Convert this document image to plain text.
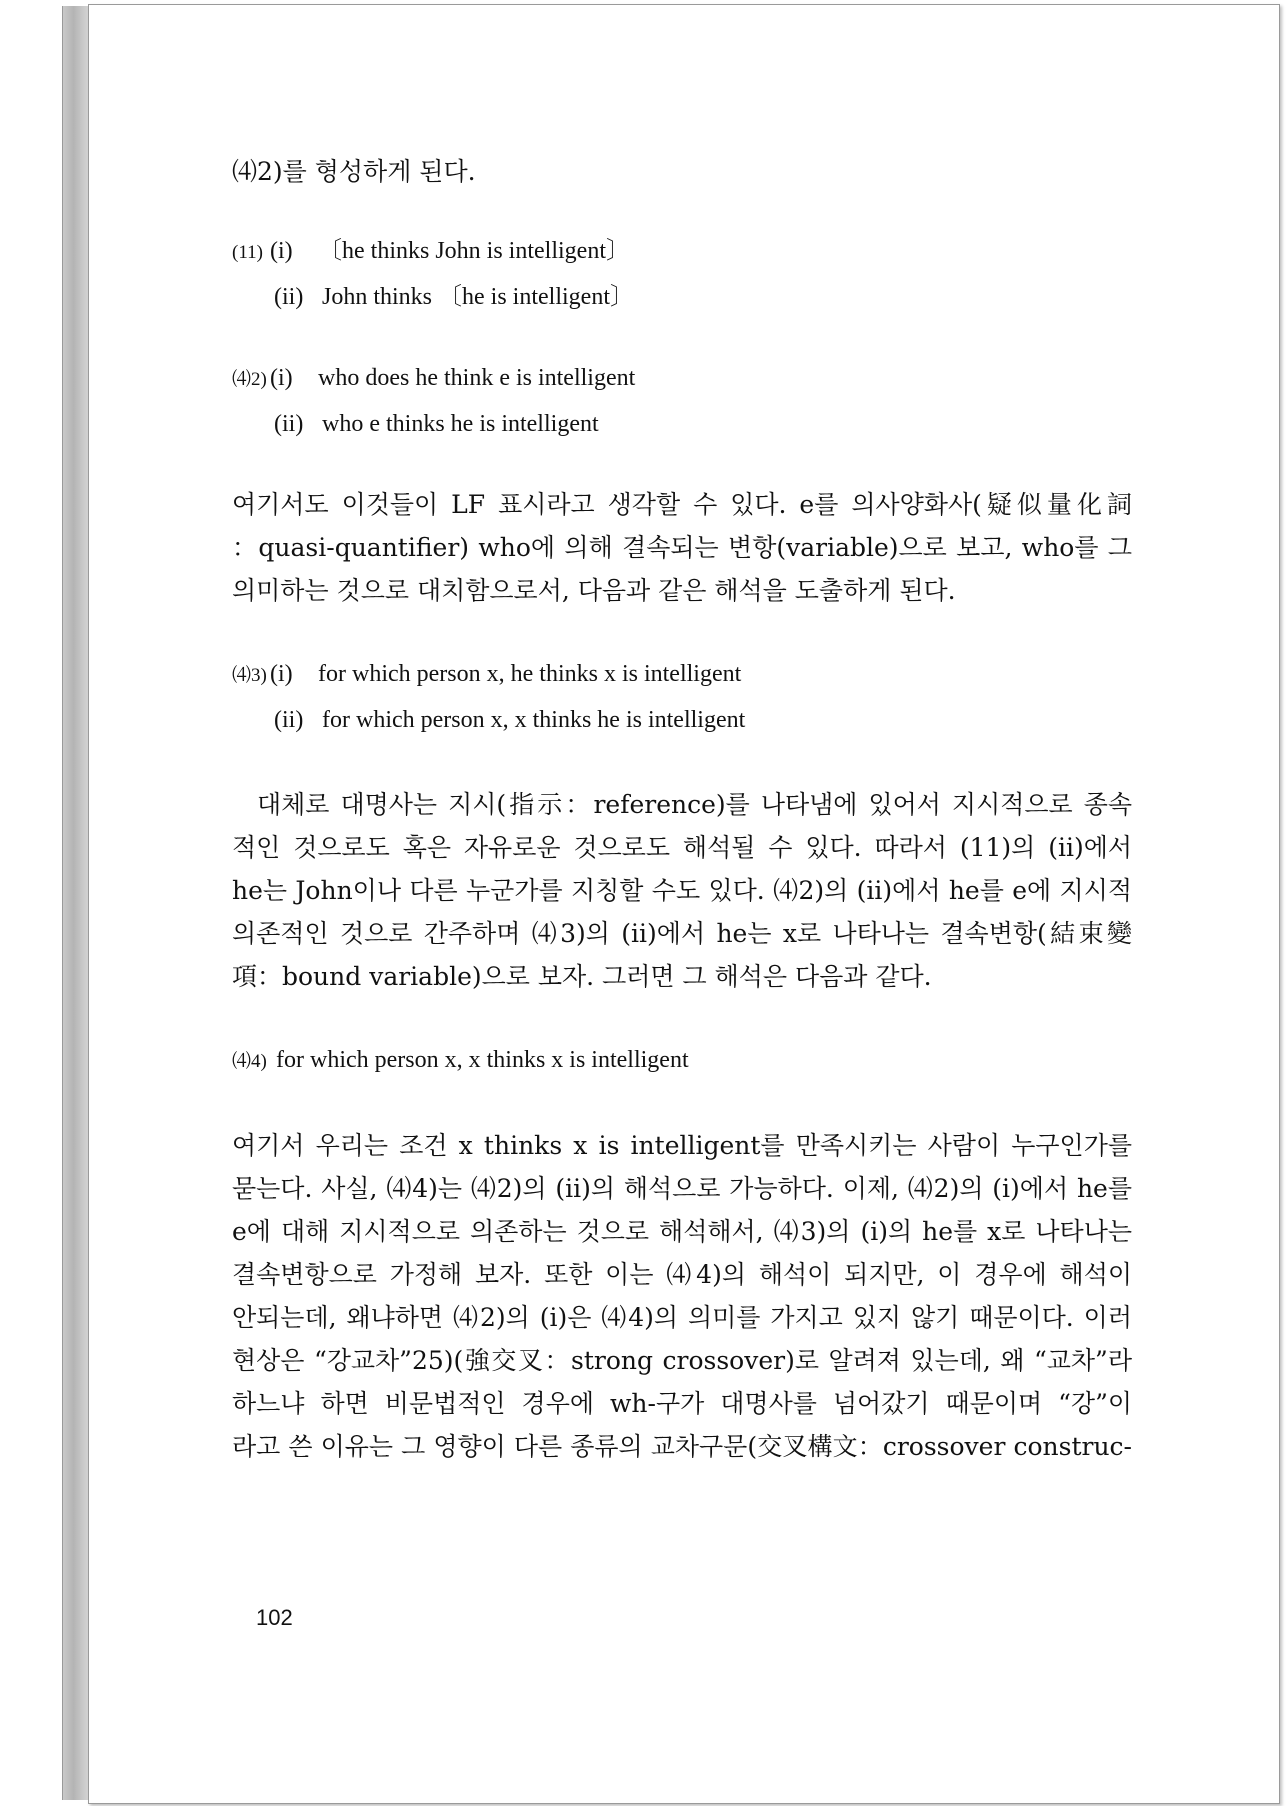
⑷2)를 형성하게 된다.
(11) (i) 〔he thinks John is intelligent〕
(ii) John thinks 〔he is intelligent〕
⑷2) (i) who does he think e is intelligent
(ii) who e thinks he is intelligent
여기서도 이것들이 LF 표시라고 생각할 수 있다. e를 의사양화사(疑似量化詞
：quasi-quantifier) who에 의해 결속되는 변항(variable)으로 보고, who를 그
의미하는 것으로 대치함으로서, 다음과 같은 해석을 도출하게 된다.
⑷3) (i) for which person x, he thinks x is intelligent
(ii) for which person x, x thinks he is intelligent
대체로 대명사는 지시(指示：reference)를 나타냄에 있어서 지시적으로 종속
적인 것으로도 혹은 자유로운 것으로도 해석될 수 있다. 따라서 (11)의 (ii)에서
he는 John이나 다른 누군가를 지칭할 수도 있다. ⑷2)의 (ii)에서 he를 e에 지시적
의존적인 것으로 간주하며 ⑷3)의 (ii)에서 he는 x로 나타나는 결속변항(結束變
項：bound variable)으로 보자. 그러면 그 해석은 다음과 같다.
⑷4) for which person x, x thinks x is intelligent
여기서 우리는 조건 x thinks x is intelligent를 만족시키는 사람이 누구인가를
묻는다. 사실, ⑷4)는 ⑷2)의 (ii)의 해석으로 가능하다. 이제, ⑷2)의 (i)에서 he를
e에 대해 지시적으로 의존하는 것으로 해석해서, ⑷3)의 (i)의 he를 x로 나타나는
결속변항으로 가정해 보자. 또한 이는 ⑷4)의 해석이 되지만, 이 경우에 해석이
안되는데, 왜냐하면 ⑷2)의 (i)은 ⑷4)의 의미를 가지고 있지 않기 때문이다. 이러
현상은 “강교차”25)(強交叉：strong crossover)로 알려져 있는데, 왜 “교차”라
하느냐 하면 비문법적인 경우에 wh-구가 대명사를 넘어갔기 때문이며 “강”이
라고 쓴 이유는 그 영향이 다른 종류의 교차구문(交叉構文：crossover construc-
102
